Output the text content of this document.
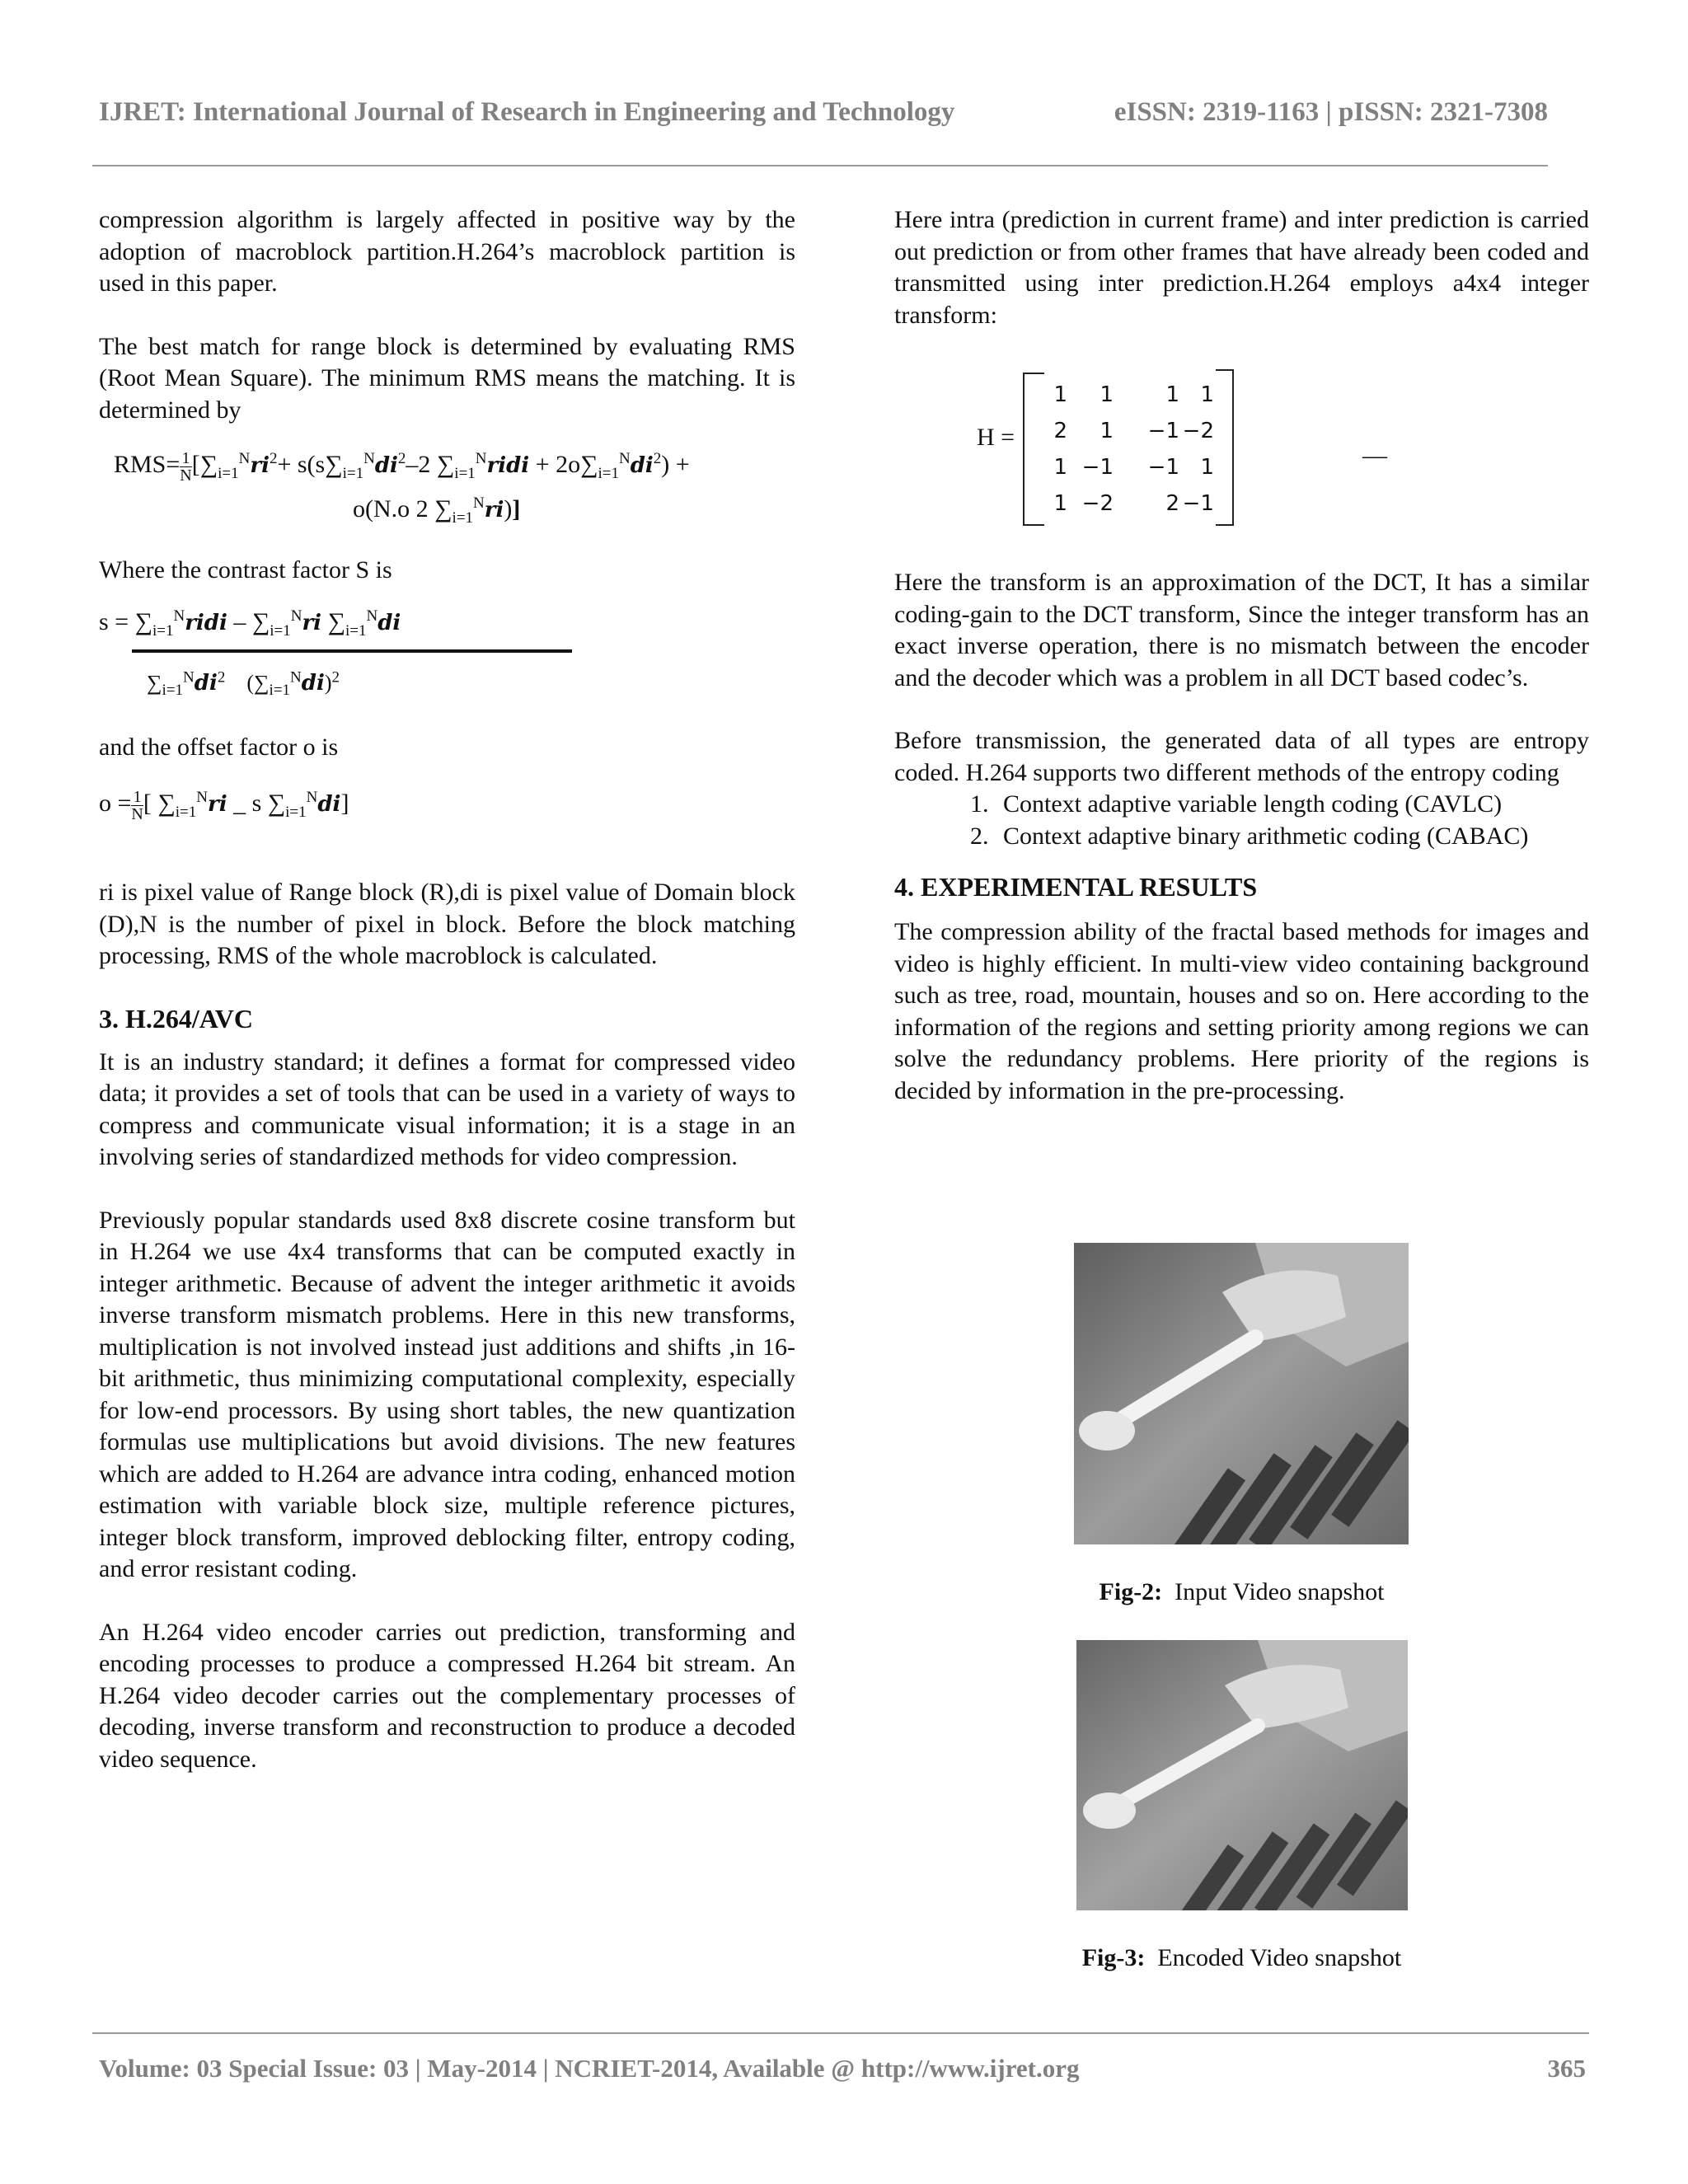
IJRET: International Journal of Research in Engineering and Technology	eISSN: 2319-1163 | pISSN: 2321-7308

compression algorithm is largely affected in positive way by the adoption of macroblock partition.H.264’s macroblock partition is used in this paper.

The best match for range block is determined by evaluating RMS (Root Mean Square). The minimum RMS means the matching. It is determined by

$RMS= \frac{1}{N}[\sum_{i=1}^Nri^2+ s(s\sum_{i=1}^Ndi^2-2$ $\sum_{i=1}^Nridi + 2o\sum_{i=1}^Ndi^2$) +
o(N.o 2 $\sum_{i=1}^Nri$)]

Where the contrast factor S is

$s = \sum_{i=1}^Nridi - \sum_{i=1}^Nri$ $\sum_{i=1}^Ndi$
$\sum_{i=1}^Ndi^2$    $(\sum_{i=1}^Ndi)^2$

and the offset factor o is

$o = \frac{1}{N}$[ $\sum_{i=1}^Nri$ _ s $\sum_{i=1}^Ndi$]

ri is pixel value of Range block (R),di is pixel value of Domain block (D),N is the number of pixel in block. Before the block matching processing, RMS of the whole macroblock is calculated.

3. H.264/AVC

It is an industry standard; it defines a format for compressed video data; it provides a set of tools that can be used in a variety of ways to compress and communicate visual information; it is a stage in an involving series of standardized methods for video compression.

Previously popular standards used 8x8 discrete cosine transform but in H.264 we use 4x4 transforms that can be computed exactly in integer arithmetic. Because of advent the integer arithmetic it avoids inverse transform mismatch problems. Here in this new transforms, multiplication is not involved instead just additions and shifts ,in 16-bit arithmetic, thus minimizing computational complexity, especially for low-end processors. By using short tables, the new quantization formulas use multiplications but avoid divisions. The new features which are added to H.264 are advance intra coding, enhanced motion estimation with variable block size, multiple reference pictures, integer block transform, improved deblocking filter, entropy coding, and error resistant coding.

An H.264 video encoder carries out prediction, transforming and encoding processes to produce a compressed H.264 bit stream. An H.264 video decoder carries out the complementary processes of decoding, inverse transform and reconstruction to produce a decoded video sequence.

Here intra (prediction in current frame) and inter prediction is carried out prediction or from other frames that have already been coded and transmitted using inter prediction.H.264 employs a4x4 integer transform:

H =
1	1	1 1
2	1	−1 −2
1 −1	−1 1
1 −2	2 −1
—

Here the transform is an approximation of the DCT, It has a similar coding-gain to the DCT transform, Since the integer transform has an exact inverse operation, there is no mismatch between the encoder and the decoder which was a problem in all DCT based codec’s.

Before transmission, the generated data of all types are entropy coded. H.264 supports two different methods of the entropy coding

1. Context adaptive variable length coding (CAVLC)
2. Context adaptive binary arithmetic coding (CABAC)
4. EXPERIMENTAL RESULTS

The compression ability of the fractal based methods for images and video is highly efficient. In multi-view video containing background such as tree, road, mountain, houses and so on. Here according to the information of the regions and setting priority among regions we can solve the redundancy problems. Here priority of the regions is decided by information in the pre-processing.

Fig-2: Input Video snapshot
Fig-3: Encoded Video snapshot
Volume: 03 Special Issue: 03 | May-2014 | NCRIET-2014, Available @ http://www.ijret.org	365
